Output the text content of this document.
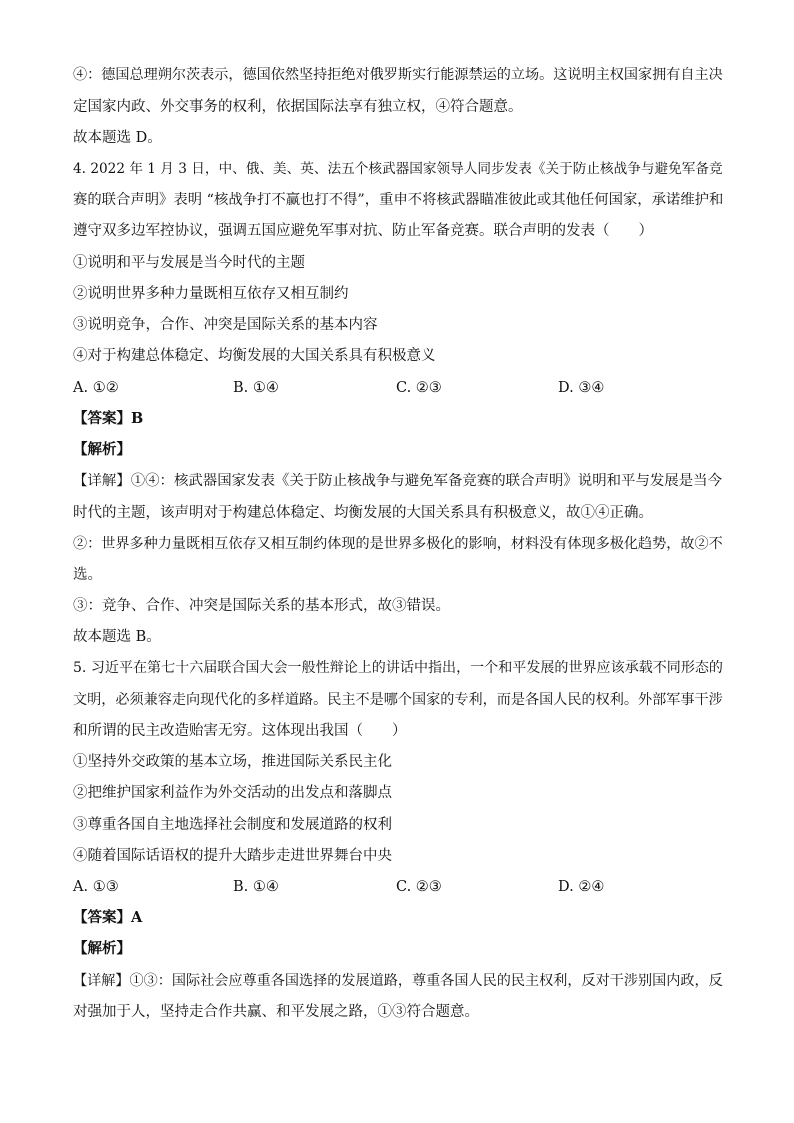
④：德国总理朔尔茨表示，德国依然坚持拒绝对俄罗斯实行能源禁运的立场。这说明主权国家拥有自主决
定国家内政、外交事务的权利，依据国际法享有独立权，④符合题意。
故本题选 D。
4. 2022 年 1 月 3 日，中、俄、美、英、法五个核武器国家领导人同步发表《关于防止核战争与避免军备竞
赛的联合声明》表明 “核战争打不赢也打不得”，重申不将核武器瞄准彼此或其他任何国家，承诺维护和
遵守双多边军控协议，强调五国应避免军事对抗、防止军备竞赛。联合声明的发表（　　）
①说明和平与发展是当今时代的主题
②说明世界多种力量既相互依存又相互制约
③说明竞争，合作、冲突是国际关系的基本内容
④对于构建总体稳定、均衡发展的大国关系具有积极意义
A. ①②	B. ①④	C. ②③	D. ③④
【答案】B
【解析】
【详解】①④：核武器国家发表《关于防止核战争与避免军备竞赛的联合声明》说明和平与发展是当今
时代的主题，该声明对于构建总体稳定、均衡发展的大国关系具有积极意义，故①④正确。
②：世界多种力量既相互依存又相互制约体现的是世界多极化的影响，材料没有体现多极化趋势，故②不
选。
③：竞争、合作、冲突是国际关系的基本形式，故③错误。
故本题选 B。
5. 习近平在第七十六届联合国大会一般性辩论上的讲话中指出，一个和平发展的世界应该承载不同形态的
文明，必须兼容走向现代化的多样道路。民主不是哪个国家的专利，而是各国人民的权利。外部军事干涉
和所谓的民主改造贻害无穷。这体现出我国（　　）
①坚持外交政策的基本立场，推进国际关系民主化
②把维护国家利益作为外交活动的出发点和落脚点
③尊重各国自主地选择社会制度和发展道路的权利
④随着国际话语权的提升大踏步走进世界舞台中央
A. ①③	B. ①④	C. ②③	D. ②④
【答案】A
【解析】
【详解】①③：国际社会应尊重各国选择的发展道路，尊重各国人民的民主权利，反对干涉别国内政，反
对强加于人，坚持走合作共赢、和平发展之路，①③符合题意。
